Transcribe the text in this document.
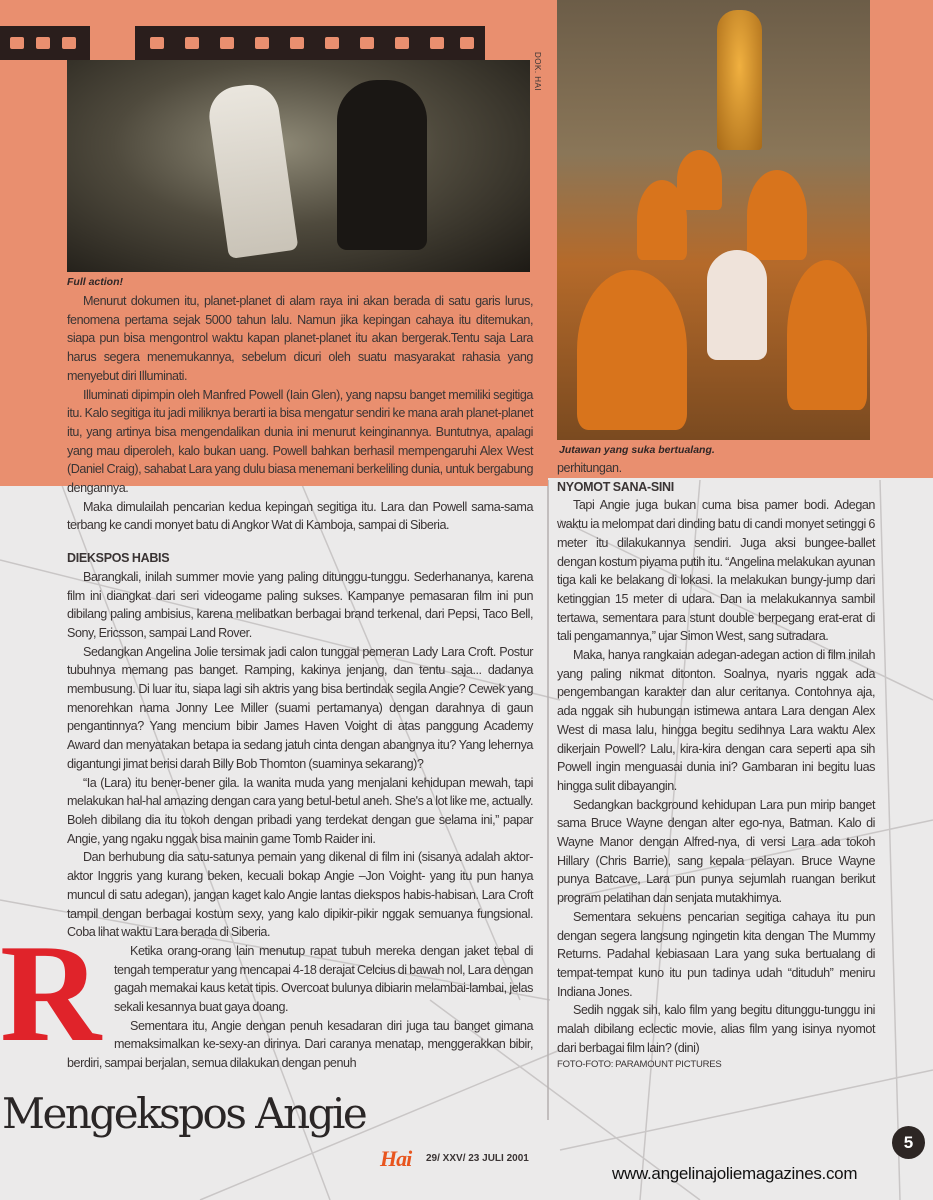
DOK. HAI
Full action!
Jutawan yang suka bertualang.

Menurut dokumen itu, planet-planet di alam raya ini akan berada di satu garis lurus, fenomena pertama sejak 5000 tahun lalu. Namun jika kepingan cahaya itu ditemukan, siapa pun bisa mengontrol waktu kapan planet-planet itu akan bergerak.Tentu saja Lara harus segera menemukannya, sebelum dicuri oleh suatu masyarakat rahasia yang menyebut diri Illuminati.

Illuminati dipimpin oleh Manfred Powell (Iain Glen), yang napsu banget memiliki segitiga itu. Kalo segitiga itu jadi miliknya berarti ia bisa mengatur sendiri ke mana arah planet-planet itu, yang artinya bisa mengendalikan dunia ini menurut keinginannya. Buntutnya, apalagi yang mau diperoleh, kalo bukan uang. Powell bahkan berhasil mempengaruhi Alex West (Daniel Craig), sahabat Lara yang dulu biasa menemani berkeliling dunia, untuk bergabung dengannya.

Maka dimulailah pencarian kedua kepingan segitiga itu. Lara dan Powell sama-sama terbang ke candi monyet batu di Angkor Wat di Kamboja, sampai di Siberia.

DIEKSPOS HABIS

Barangkali, inilah summer movie yang paling ditunggu-tunggu. Sederhananya, karena film ini diangkat dari seri videogame paling sukses. Kampanye pemasaran film ini pun dibilang paling ambisius, karena melibatkan berbagai brand terkenal, dari Pepsi, Taco Bell, Sony, Ericsson, sampai Land Rover.

Sedangkan Angelina Jolie tersimak jadi calon tunggal pemeran Lady Lara Croft. Postur tubuhnya memang pas banget. Ramping, kakinya jenjang, dan tentu saja... dadanya membusung. Di luar itu, siapa lagi sih aktris yang bisa bertindak segila Angie? Cewek yang menorehkan nama Jonny Lee Miller (suami pertamanya) dengan darahnya di gaun pengantinnya? Yang mencium bibir James Haven Voight di atas panggung Academy Award dan menyatakan betapa ia sedang jatuh cinta dengan abangnya itu? Yang lehernya digantungi jimat berisi darah Billy Bob Thomton (suaminya sekarang)?

“Ia (Lara) itu bener-bener gila. Ia wanita muda yang menjalani kehidupan mewah, tapi melakukan hal-hal amazing dengan cara yang betul-betul aneh. She's a lot like me, actually. Boleh dibilang dia itu tokoh dengan pribadi yang terdekat dengan gue selama ini,” papar Angie, yang ngaku nggak bisa mainin game Tomb Raider ini.

Dan berhubung dia satu-satunya pemain yang dikenal di film ini (sisanya adalah aktor-aktor Inggris yang kurang beken, kecuali bokap Angie –Jon Voight- yang itu pun hanya muncul di satu adegan), jangan kaget kalo Angie lantas diekspos habis-habisan. Lara Croft tampil dengan berbagai kostum sexy, yang kalo dipikir-pikir nggak semuanya fungsional. Coba lihat waktu Lara berada di Siberia.

R	Ketika orang-orang lain menutup rapat tubuh mereka dengan jaket tebal di tengah temperatur yang mencapai 4-18 derajat Celcius di bawah nol, Lara dengan gagah memakai kaus ketat tipis. Overcoat bulunya dibiarin melambai-lambai, jelas sekali kesannya buat gaya doang.

Sementara itu, Angie dengan penuh kesadaran diri juga tau banget gimana memaksimalkan ke-sexy-an dirinya. Dari caranya menatap, menggerakkan bibir, berdiri, sampai berjalan, semua dilakukan dengan penuh

perhitungan.
NYOMOT SANA-SINI

Tapi Angie juga bukan cuma bisa pamer bodi. Adegan waktu ia melompat dari dinding batu di candi monyet setinggi 6 meter itu dilakukannya sendiri. Juga aksi bungee-ballet dengan kostum piyama putih itu. “Angelina melakukan ayunan tiga kali ke belakang di lokasi. Ia melakukan bungy-jump dari ketinggian 15 meter di udara. Dan ia melakukannya sambil tertawa, sementara para stunt double berpegang erat-erat di tali pengamannya,” ujar Simon West, sang sutradara.

Maka, hanya rangkaian adegan-adegan action di film inilah yang paling nikmat ditonton. Soalnya, nyaris nggak ada pengembangan karakter dan alur ceritanya. Contohnya aja, ada nggak sih hubungan istimewa antara Lara dengan Alex West di masa lalu, hingga begitu sedihnya Lara waktu Alex dikerjain Powell? Lalu, kira-kira dengan cara seperti apa sih Powell ingin menguasai dunia ini? Gambaran ini begitu luas hingga sulit dibayangin.

Sedangkan background kehidupan Lara pun mirip banget sama Bruce Wayne dengan alter ego-nya, Batman. Kalo di Wayne Manor dengan Alfred-nya, di versi Lara ada tokoh Hillary (Chris Barrie), sang kepala pelayan. Bruce Wayne punya Batcave, Lara pun punya sejumlah ruangan berikut program pelatihan dan senjata mutakhimya.

Sementara sekuens pencarian segitiga cahaya itu pun dengan segera langsung ngingetin kita dengan The Mummy Returns. Padahal kebiasaan Lara yang suka bertualang di tempat-tempat kuno itu pun tadinya udah “dituduh” meniru Indiana Jones.

Sedih nggak sih, kalo film yang begitu ditunggu-tunggu ini malah dibilang eclectic movie, alias film yang isinya nyomot dari berbagai film lain? (dini)

FOTO-FOTO: PARAMOUNT PICTURES
Mengekspos Angie
Hai 29/ XXV/ 23 JULI 2001
www.angelinajoliemagazines.com
5
